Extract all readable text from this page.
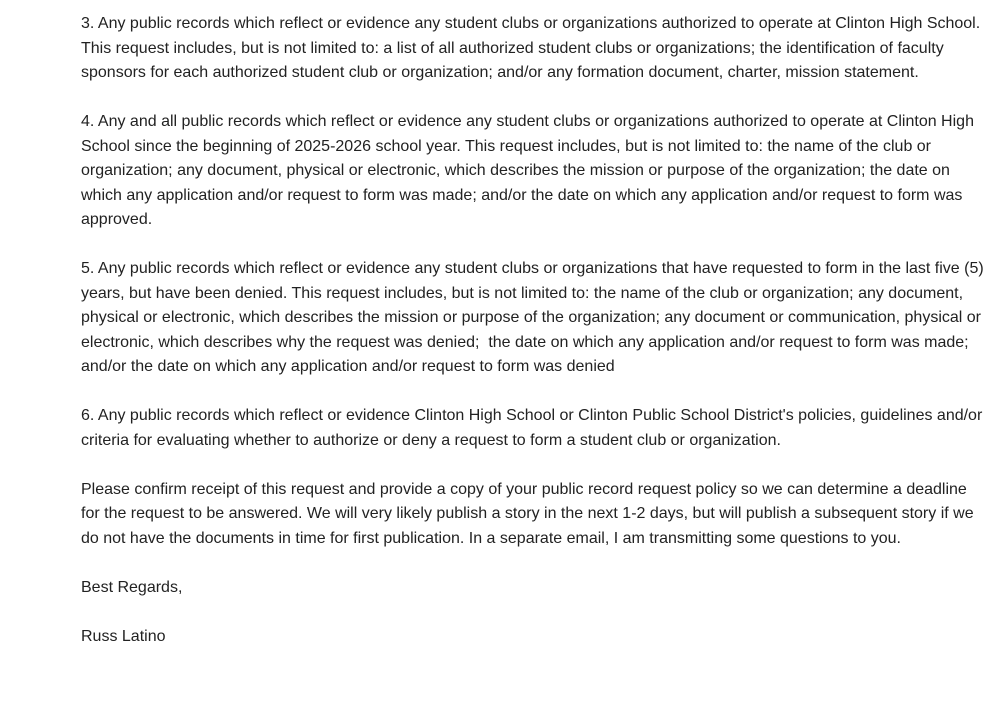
3. Any public records which reflect or evidence any student clubs or organizations authorized to operate at Clinton High School. This request includes, but is not limited to: a list of all authorized student clubs or organizations; the identification of faculty sponsors for each authorized student club or organization; and/or any formation document, charter, mission statement.

4. Any and all public records which reflect or evidence any student clubs or organizations authorized to operate at Clinton High School since the beginning of 2025-2026 school year. This request includes, but is not limited to: the name of the club or organization; any document, physical or electronic, which describes the mission or purpose of the organization; the date on which any application and/or request to form was made; and/or the date on which any application and/or request to form was approved.

5. Any public records which reflect or evidence any student clubs or organizations that have requested to form in the last five (5) years, but have been denied. This request includes, but is not limited to: the name of the club or organization; any document, physical or electronic, which describes the mission or purpose of the organization; any document or communication, physical or electronic, which describes why the request was denied;  the date on which any application and/or request to form was made; and/or the date on which any application and/or request to form was denied

6. Any public records which reflect or evidence Clinton High School or Clinton Public School District's policies, guidelines and/or criteria for evaluating whether to authorize or deny a request to form a student club or organization.

Please confirm receipt of this request and provide a copy of your public record request policy so we can determine a deadline for the request to be answered. We will very likely publish a story in the next 1-2 days, but will publish a subsequent story if we do not have the documents in time for first publication. In a separate email, I am transmitting some questions to you.

Best Regards,

Russ Latino
